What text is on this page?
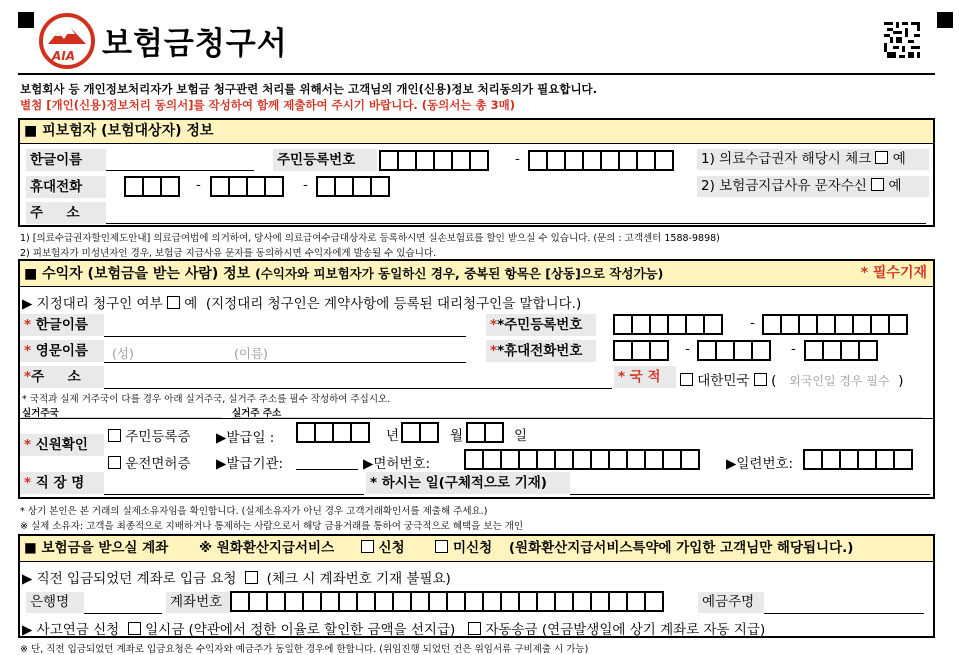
AIA 보험금청구서
보험회사 등 개인정보처리자가 보험금 청구관련 처리를 위해서는 고객님의 개인(신용)정보 처리동의가 필요합니다.
별첨 [개인(신용)정보처리 동의서]를 작성하여 함께 제출하여 주시기 바랍니다. (동의서는 총 3매)
■ 피보험자 (보험대상자) 정보
한글이름	주민등록번호	-	1) 의료수급권자 해당시 체크 예
휴대전화	-	-	2) 보험금지급사유 문자수신 예
주     소
1) [의료수급권자할인제도안내] 의료급여법에 의거하여, 당사에 의료급여수급대상자로 등록하시면 실손보험료를 할인 받으실 수 있습니다. (문의 : 고객센터 1588-9898)
2) 피보험자가 미성년자인 경우, 보험금 지급사유 문자를 동의하시면 수익자에게 발송될 수 있습니다.
■ 수익자 (보험금을 받는 사람) 정보 (수익자와 피보험자가 동일하신 경우, 중복된 항목은 [상동]으로 작성가능)	* 필수기재
▶ 지정대리 청구인 여부 예 (지정대리 청구인은 계약사항에 등록된 대리청구인을 말합니다.)
* 한글이름	**주민등록번호	-
* 영문이름	(성)	(이름)	**휴대전화번호	-	-
*주     소	* 국 적	대한민국 ( 외국인일 경우 필수 )
* 국적과 실제 거주국이 다를 경우 아래 실거주국, 실거주 주소를 필수 작성하여 주십시오.
실거주국	실거주 주소
* 신원확인	주민등록증 ▶발급일 :	년	월	일
운전면허증 ▶발급기관:	▶면허번호:	▶일련번호:
* 직 장 명	* 하시는 일(구체적으로 기재)
* 상기 본인은 본 거래의 실제소유자임을 확인합니다. (실제소유자가 아닌 경우 고객거래확인서를 제출해 주세요.)
※ 실제 소유자: 고객을 최종적으로 지배하거나 통제하는 사람으로서 해당 금융거래를 통하여 궁극적으로 혜택을 보는 개인
■ 보험금을 받으실 계좌 ※ 원화환산지급서비스	신청	미신청 (원화환산지급서비스특약에 가입한 고객님만 해당됩니다.)
▶ 직전 입금되었던 계좌로 입금 요청 (체크 시 계좌번호 기재 불필요)
은행명	계좌번호	예금주명
▶ 사고연금 신청 일시금 (약관에서 정한 이율로 할인한 금액을 선지급) 자동송금 (연금발생일에 상기 계좌로 자동 지급)
※ 단, 직전 입금되었던 계좌로 입금요청은 수익자와 예금주가 동일한 경우에 한합니다. (위임진행 되었던 건은 위임서류 구비제출 시 가능)
